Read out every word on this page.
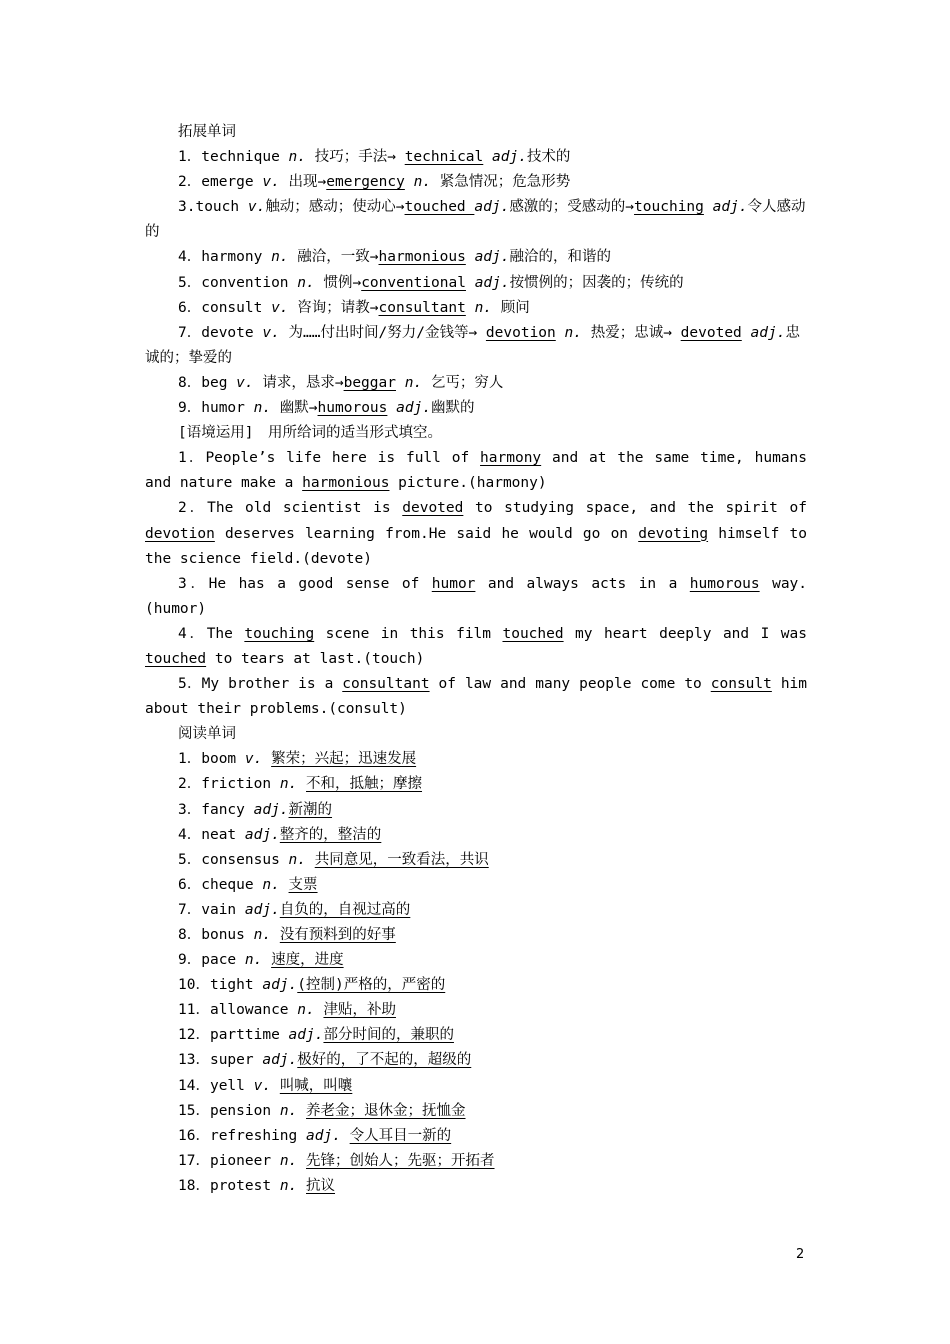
拓展单词

1．technique n. 技巧；手法→ technical adj.技术的

2．emerge v. 出现→emergency n. 紧急情况；危急形势

3.touch v.触动；感动；使动心→touched adj.感激的；受感动的→touching adj.令人感动的

4．harmony n. 融洽，一致→harmonious adj.融洽的，和谐的

5．convention n. 惯例→conventional adj.按惯例的；因袭的；传统的

6．consult v. 咨询；请教→consultant n. 顾问

7．devote v. 为……付出时间/努力/金钱等→ devotion n. 热爱；忠诚→ devoted adj.忠诚的；挚爱的

8．beg v. 请求，恳求→beggar n. 乞丐；穷人

9．humor n. 幽默→humorous adj.幽默的

[语境运用]　用所给词的适当形式填空。

1．People’s life here is full of harmony and at the same time, humans and nature make a harmonious picture.(harmony)

2．The old scientist is devoted to studying space, and the spirit of devotion deserves learning from.He said he would go on devoting himself to the science field.(devote)

3．He has a good sense of humor and always acts in a humorous way.(humor)

4．The touching scene in this film touched my heart deeply and I was touched to tears at last.(touch)

5．My brother is a consultant of law and many people come to consult him about their problems.(consult)

阅读单词

1．boom v. 繁荣；兴起；迅速发展

2．friction n. 不和，抵触；摩擦

3．fancy adj.新潮的

4．neat adj.整齐的，整洁的

5．consensus n. 共同意见，一致看法，共识

6．cheque n. 支票

7．vain adj.自负的，自视过高的

8．bonus n. 没有预料到的好事

9．pace n. 速度，进度

10．tight adj.(控制)严格的，严密的

11．allowance n. 津贴，补助

12．parttime adj.部分时间的，兼职的

13．super adj.极好的，了不起的，超级的

14．yell v. 叫喊，叫嚷

15．pension n. 养老金；退休金；抚恤金

16．refreshing adj. 令人耳目一新的

17．pioneer n. 先锋；创始人；先驱；开拓者

18．protest n. 抗议

2
